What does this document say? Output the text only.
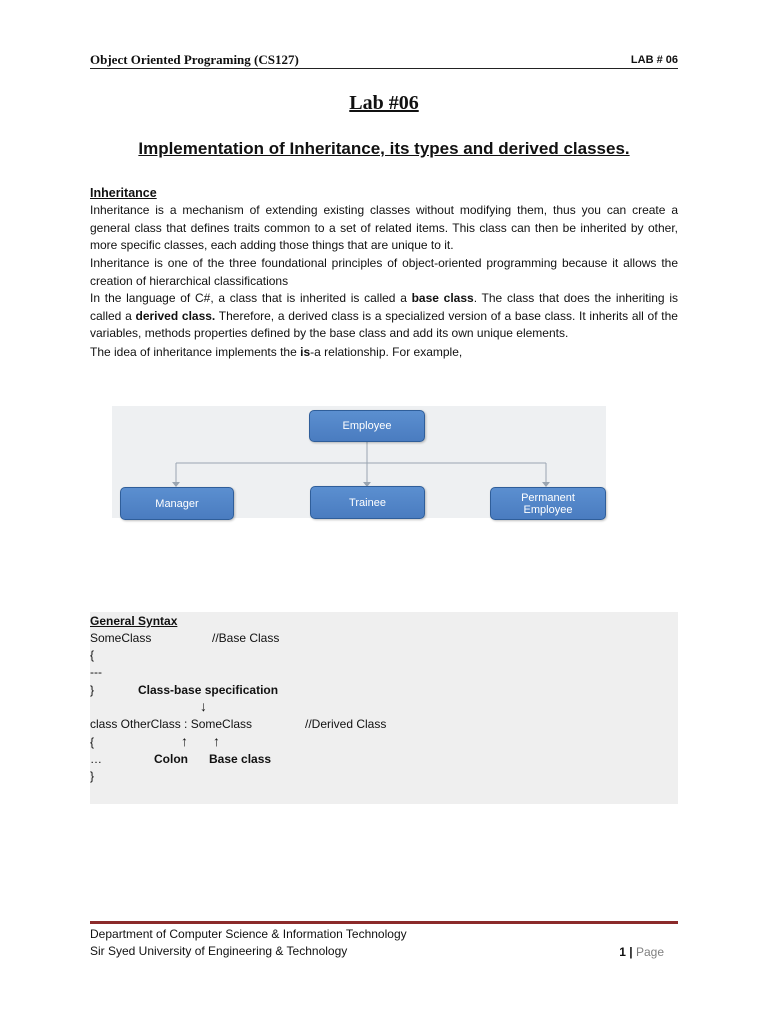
Object Oriented Programing (CS127)	LAB # 06
Lab #06
Implementation of Inheritance, its types and derived classes.
Inheritance
Inheritance is a mechanism of extending existing classes without modifying them, thus you can create a general class that defines traits common to a set of related items. This class can then be inherited by other, more specific classes, each adding those things that are unique to it.
Inheritance is one of the three foundational principles of object-oriented programming because it allows the creation of hierarchical classifications
In the language of C#, a class that is inherited is called a base class. The class that does the inheriting is called a derived class. Therefore, a derived class is a specialized version of a base class. It inherits all of the variables, methods properties defined by the base class and add its own unique elements.
The idea of inheritance implements the is-a relationship. For example,
Employee
Manager	Trainee	Permanent
Employee
General Syntax
SomeClass	//Base Class
{
---
}	Class-base specification
↓
class OtherClass : SomeClass	//Derived Class
{	↑ ↑
…	Colon Base class
}
Department of Computer Science & Information Technology
Sir Syed University of Engineering & Technology	1 | Page
